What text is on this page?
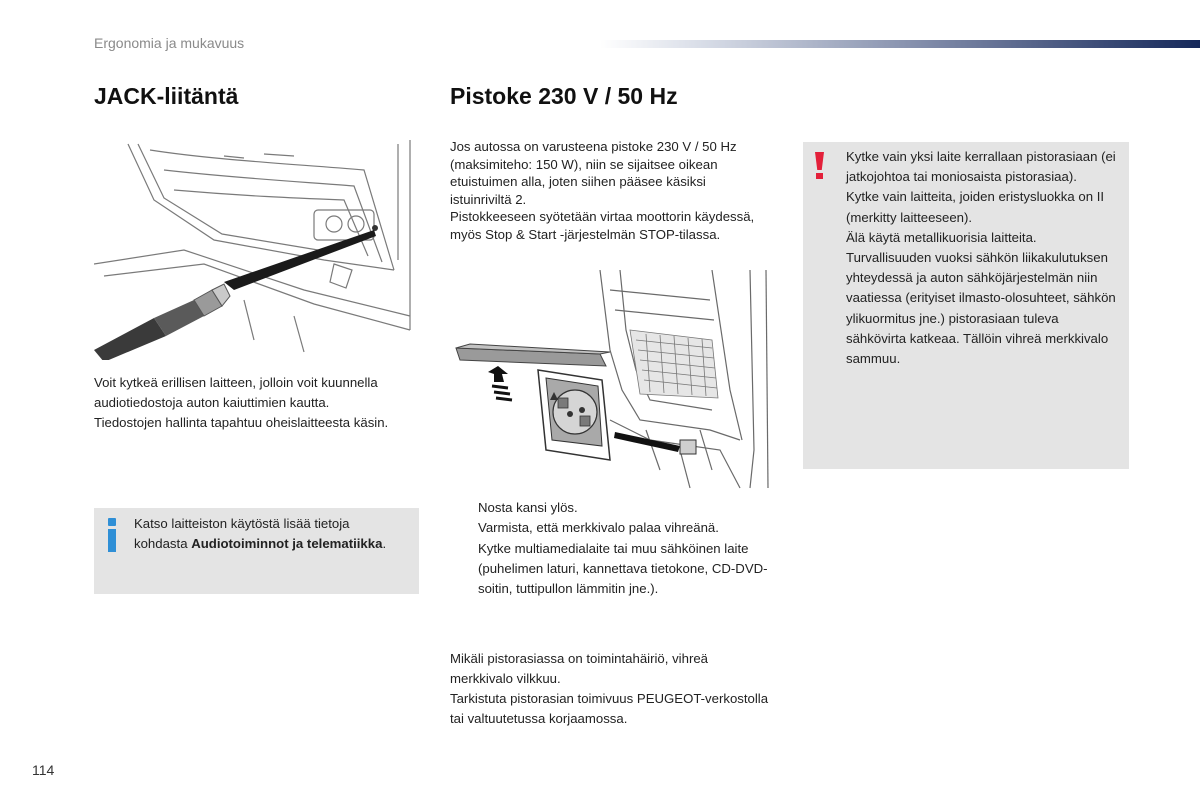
Ergonomia ja mukavuus
JACK-liitäntä	Pistoke 230 V / 50 Hz

Voit kytkeä erillisen laitteen, jolloin voit kuunnella audiotiedostoja auton kaiuttimien kautta.

Tiedostojen hallinta tapahtuu oheislaitteesta käsin.

Katso laitteiston käytöstä lisää tietoja kohdasta Audiotoiminnot ja telematiikka.

Jos autossa on varusteena pistoke 230 V / 50 Hz (maksimiteho: 150 W), niin se sijaitsee oikean etuistuimen alla, joten siihen pääsee käsiksi istuinriviltä 2.

Pistokkeeseen syötetään virtaa moottorin käydessä, myös Stop & Start -järjestelmän STOP-tilassa.

Nosta kansi ylös.
Varmista, että merkkivalo palaa vihreänä.
Kytke multiamedialaite tai muu sähköinen laite (puhelimen laturi, kannettava tietokone, CD-DVD-soitin, tuttipullon lämmitin jne.).

Mikäli pistorasiassa on toimintahäiriö, vihreä merkkivalo vilkkuu.

Tarkistuta pistorasian toimivuus PEUGEOT-verkostolla tai valtuutetussa korjaamossa.

Kytke vain yksi laite kerrallaan pistorasiaan (ei jatkojohtoa tai moniosaista pistorasiaa).

Kytke vain laitteita, joiden eristysluokka on II (merkitty laitteeseen).

Älä käytä metallikuorisia laitteita.

Turvallisuuden vuoksi sähkön liikakulutuksen yhteydessä ja auton sähköjärjestelmän niin vaatiessa (erityiset ilmasto-olosuhteet, sähkön ylikuormitus jne.) pistorasiaan tuleva sähkövirta katkeaa. Tällöin vihreä merkkivalo sammuu.

114
